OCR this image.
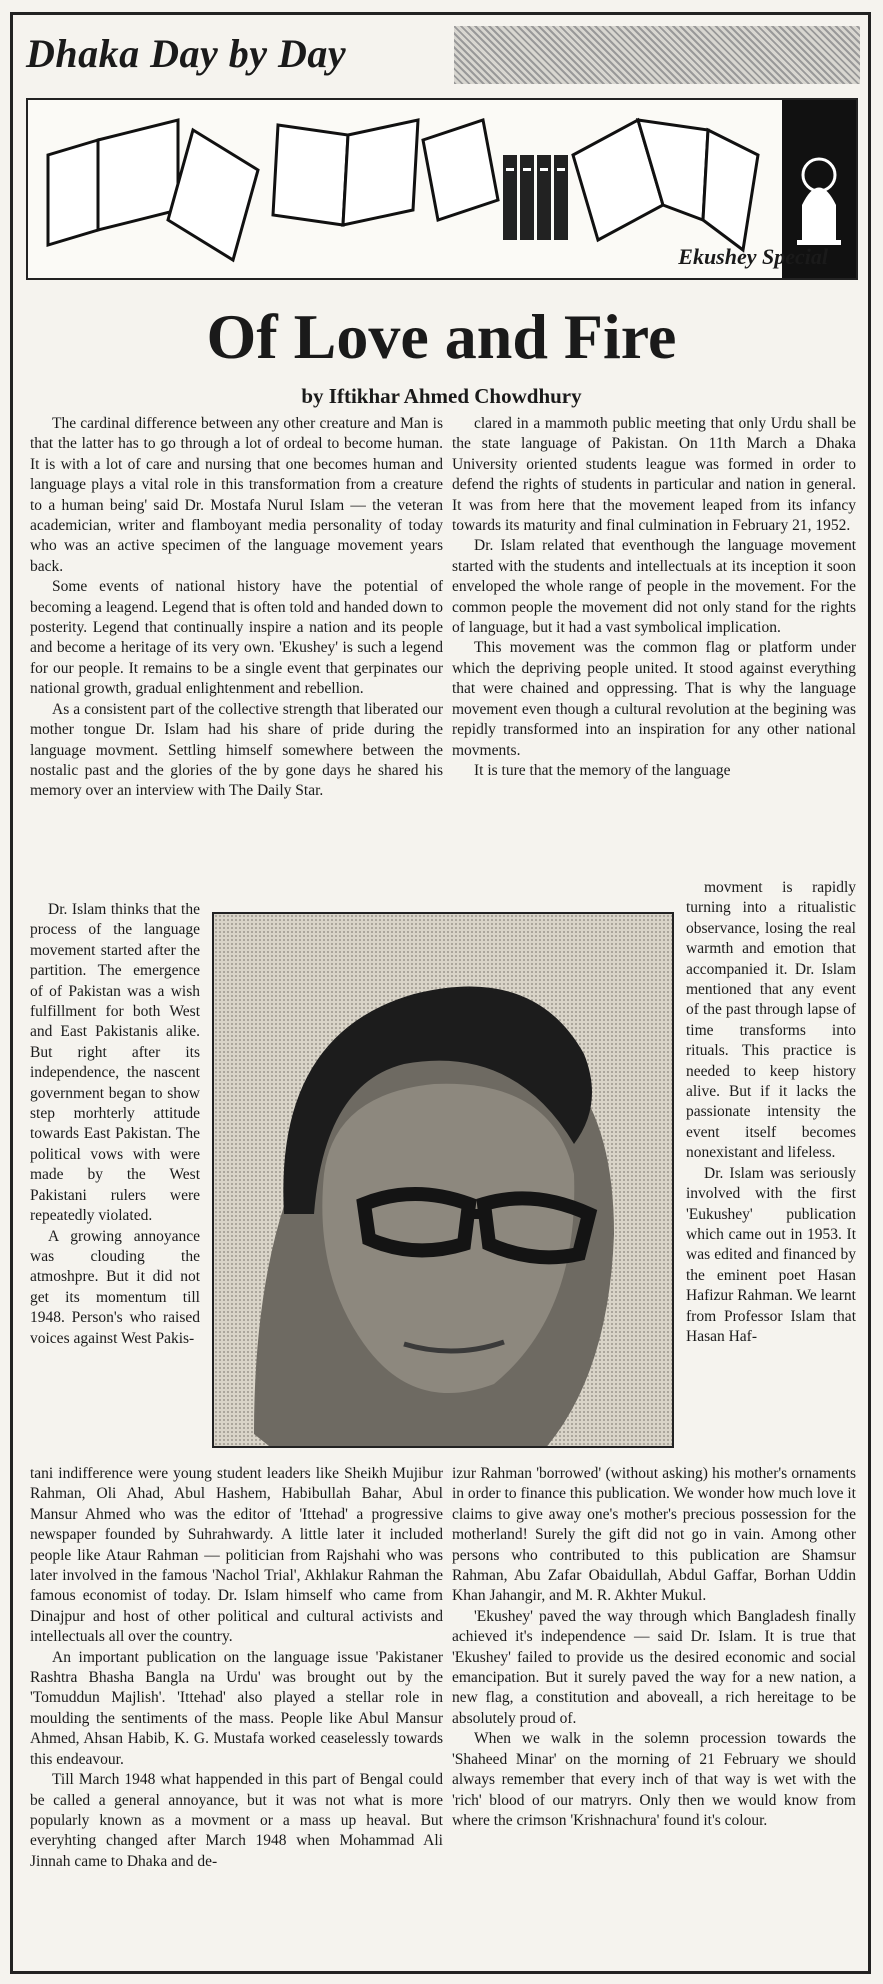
Dhaka Day by Day
Ekushey Special
Of Love and Fire
by Iftikhar Ahmed Chowdhury

The cardinal difference between any other creature and Man is that the latter has to go through a lot of ordeal to become human. It is with a lot of care and nursing that one becomes human and language plays a vital role in this transformation from a creature to a human being' said Dr. Mostafa Nurul Islam — the veteran academician, writer and flamboyant media personality of today who was an active specimen of the language movement years back.

Some events of national history have the potential of becoming a leagend. Legend that is often told and handed down to posterity. Legend that continually inspire a nation and its people and become a heritage of its very own. 'Ekushey' is such a legend for our people. It remains to be a single event that gerpinates our national growth, gradual enlightenment and rebellion.

As a consistent part of the collective strength that liberated our mother tongue Dr. Islam had his share of pride during the language movment. Settling himself somewhere between the nostalic past and the glories of the by gone days he shared his memory over an interview with The Daily Star.

clared in a mammoth public meeting that only Urdu shall be the state language of Pakistan. On 11th March a Dhaka University oriented students league was formed in order to defend the rights of students in particular and nation in general. It was from here that the movement leaped from its infancy towards its maturity and final culmination in February 21, 1952.

Dr. Islam related that eventhough the language movement started with the students and intellectuals at its inception it soon enveloped the whole range of people in the movement. For the common people the movement did not only stand for the rights of language, but it had a vast symbolical implication.

This movement was the common flag or platform under which the depriving people united. It stood against everything that were chained and oppressing. That is why the language movement even though a cultural revolution at the begining was repidly transformed into an inspiration for any other national movments.

It is ture that the memory of the language

Dr. Islam thinks that the process of the language movement started after the partition. The emergence of of Pakistan was a wish fulfillment for both West and East Pakistanis alike. But right after its independence, the nascent government began to show step morhterly attitude towards East Pakistan. The political vows with were made by the West Pakistani rulers were repeatedly violated.

A growing annoyance was clouding the atmoshpre. But it did not get its momentum till 1948. Person's who raised voices against West Pakis-

movment is rapidly turning into a ritualistic observance, losing the real warmth and emotion that accompanied it. Dr. Islam mentioned that any event of the past through lapse of time transforms into rituals. This practice is needed to keep history alive. But if it lacks the passionate intensity the event itself becomes nonexistant and lifeless.

Dr. Islam was seriously involved with the first 'Eukushey' publication which came out in 1953. It was edited and financed by the eminent poet Hasan Hafizur Rahman. We learnt from Professor Islam that Hasan Haf-

tani indifference were young student leaders like Sheikh Mujibur Rahman, Oli Ahad, Abul Hashem, Habibullah Bahar, Abul Mansur Ahmed who was the editor of 'Ittehad' a progressive newspaper founded by Suhrahwardy. A little later it included people like Ataur Rahman — politician from Rajshahi who was later involved in the famous 'Nachol Trial', Akhlakur Rahman the famous economist of today. Dr. Islam himself who came from Dinajpur and host of other political and cultural activists and intellectuals all over the country.

An important publication on the language issue 'Pakistaner Rashtra Bhasha Bangla na Urdu' was brought out by the 'Tomuddun Majlish'. 'Ittehad' also played a stellar role in moulding the sentiments of the mass. People like Abul Mansur Ahmed, Ahsan Habib, K. G. Mustafa worked ceaselessly towards this endeavour.

Till March 1948 what happended in this part of Bengal could be called a general annoyance, but it was not what is more popularly known as a movment or a mass up heaval. But everyhting changed after March 1948 when Mohammad Ali Jinnah came to Dhaka and de-

izur Rahman 'borrowed' (without asking) his mother's ornaments in order to finance this publication. We wonder how much love it claims to give away one's mother's precious possession for the motherland! Surely the gift did not go in vain. Among other persons who contributed to this publication are Shamsur Rahman, Abu Zafar Obaidullah, Abdul Gaffar, Borhan Uddin Khan Jahangir, and M. R. Akhter Mukul.

'Ekushey' paved the way through which Bangladesh finally achieved it's independence — said Dr. Islam. It is true that 'Ekushey' failed to provide us the desired economic and social emancipation. But it surely paved the way for a new nation, a new flag, a constitution and aboveall, a rich hereitage to be absolutely proud of.

When we walk in the solemn procession towards the 'Shaheed Minar' on the morning of 21 February we should always remember that every inch of that way is wet with the 'rich' blood of our matryrs. Only then we would know from where the crimson 'Krishnachura' found it's colour.
